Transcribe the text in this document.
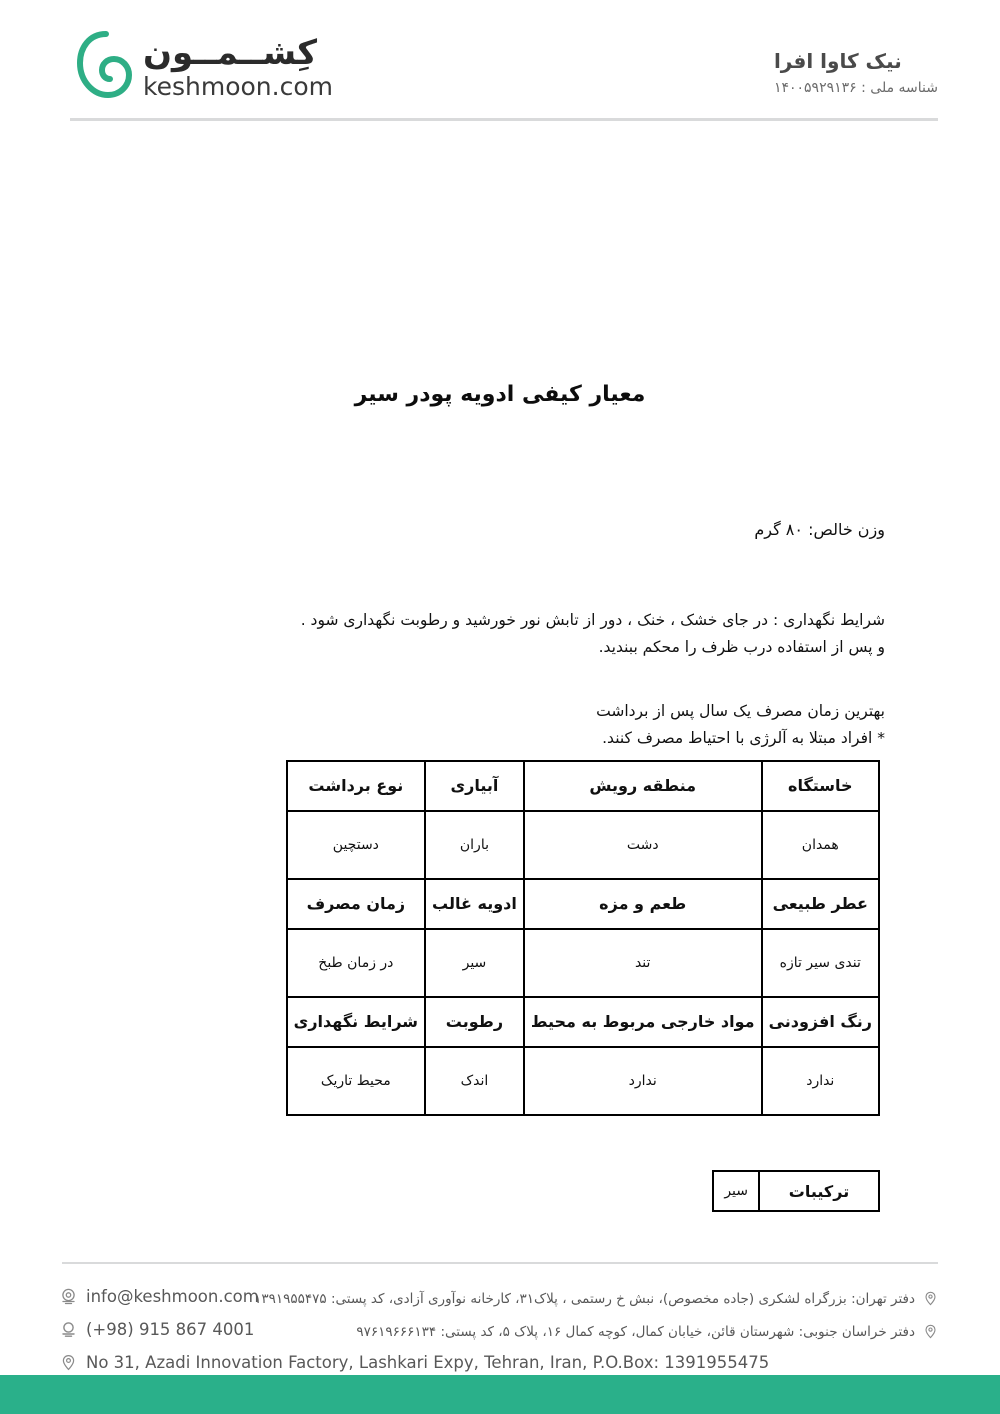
کِشــمــون
keshmoon.com
نیک کاوا افرا
شناسه ملی : ۱۴۰۰۵۹۲۹۱۳۶
معیار کیفی ادویه پودر سیر
وزن خالص: ۸۰ گرم
شرایط نگهداری : در جای خشک ، خنک ، دور از تابش نور خورشید و رطوبت نگهداری شود .
و پس از استفاده درب ظرف را محکم ببندید.
بهترین زمان مصرف یک سال پس از برداشت
* افراد مبتلا به آلرژی با احتیاط مصرف کنند.
خاستگاه	منطقه رویش	آبیاری	نوع برداشت
همدان	دشت	باران	دستچین
عطر طبیعی	طعم و مزه	ادویه غالب	زمان مصرف
تندی سیر تازه	تند	سیر	در زمان طبخ
رنگ افزودنی	مواد خارجی مربوط به محیط	رطوبت	شرایط نگهداری
ندارد	ندارد	اندک	محیط تاریک
ترکیبات	سیر
info@keshmoon.com
(+98) 915 867 4001
No 31, Azadi Innovation Factory, Lashkari Expy, Tehran, Iran, P.O.Box: 1391955475
دفتر تهران: بزرگراه لشکری (جاده مخصوص)، نبش خ رستمی ، پلاک۳۱، کارخانه نوآوری آزادی، کد پستی: ۱۳۹۱۹۵۵۴۷۵
دفتر خراسان جنوبی: شهرستان قائن، خیابان کمال، کوچه کمال ۱۶، پلاک ۵، کد پستی: ۹۷۶۱۹۶۶۶۱۳۴
